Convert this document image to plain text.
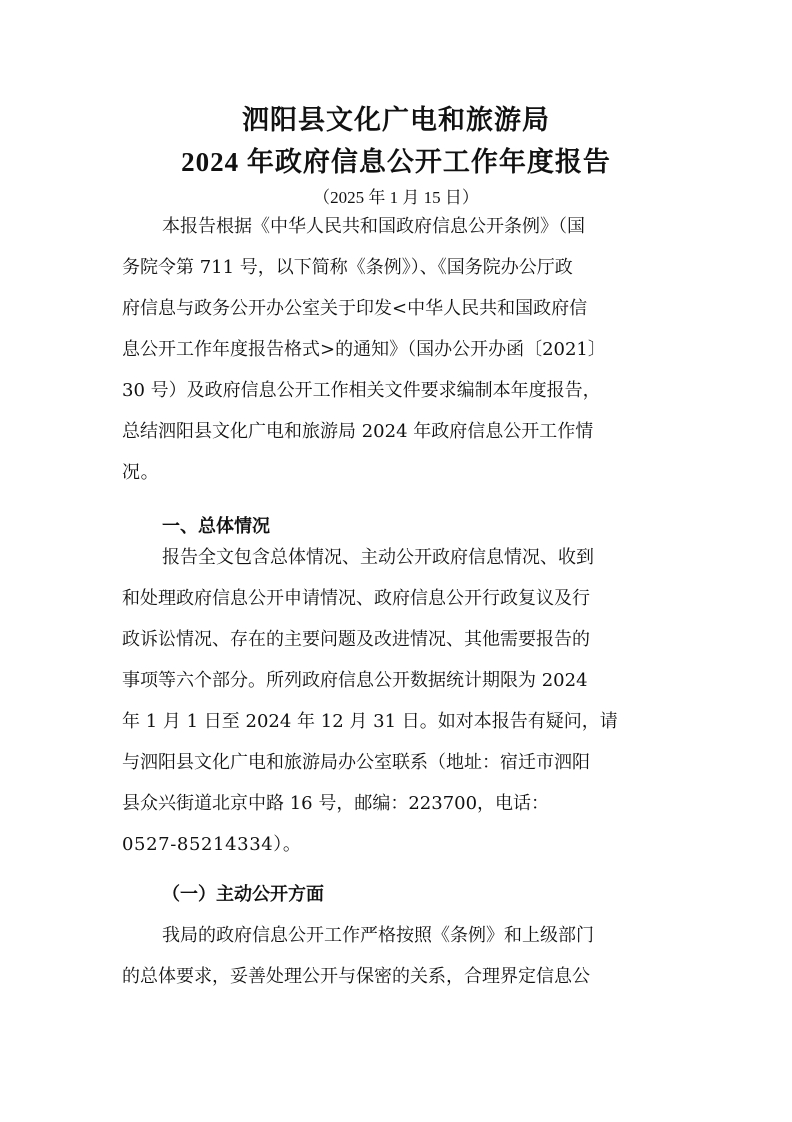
泗阳县文化广电和旅游局
2024 年政府信息公开工作年度报告
（2025 年 1 月 15 日）
本报告根据《中华人民共和国政府信息公开条例》（国
务院令第 711 号，以下简称《条例》）、《国务院办公厅政
府信息与政务公开办公室关于印发<中华人民共和国政府信
息公开工作年度报告格式>的通知》（国办公开办函〔2021〕
30 号）及政府信息公开工作相关文件要求编制本年度报告，
总结泗阳县文化广电和旅游局 2024 年政府信息公开工作情
况。
一、总体情况
报告全文包含总体情况、主动公开政府信息情况、收到
和处理政府信息公开申请情况、政府信息公开行政复议及行
政诉讼情况、存在的主要问题及改进情况、其他需要报告的
事项等六个部分。所列政府信息公开数据统计期限为 2024
年 1 月 1 日至 2024 年 12 月 31 日。如对本报告有疑问，请
与泗阳县文化广电和旅游局办公室联系（地址：宿迁市泗阳
县众兴街道北京中路 16 号，邮编：223700，电话：
0527-85214334）。
（一）主动公开方面
我局的政府信息公开工作严格按照《条例》和上级部门
的总体要求，妥善处理公开与保密的关系，合理界定信息公
